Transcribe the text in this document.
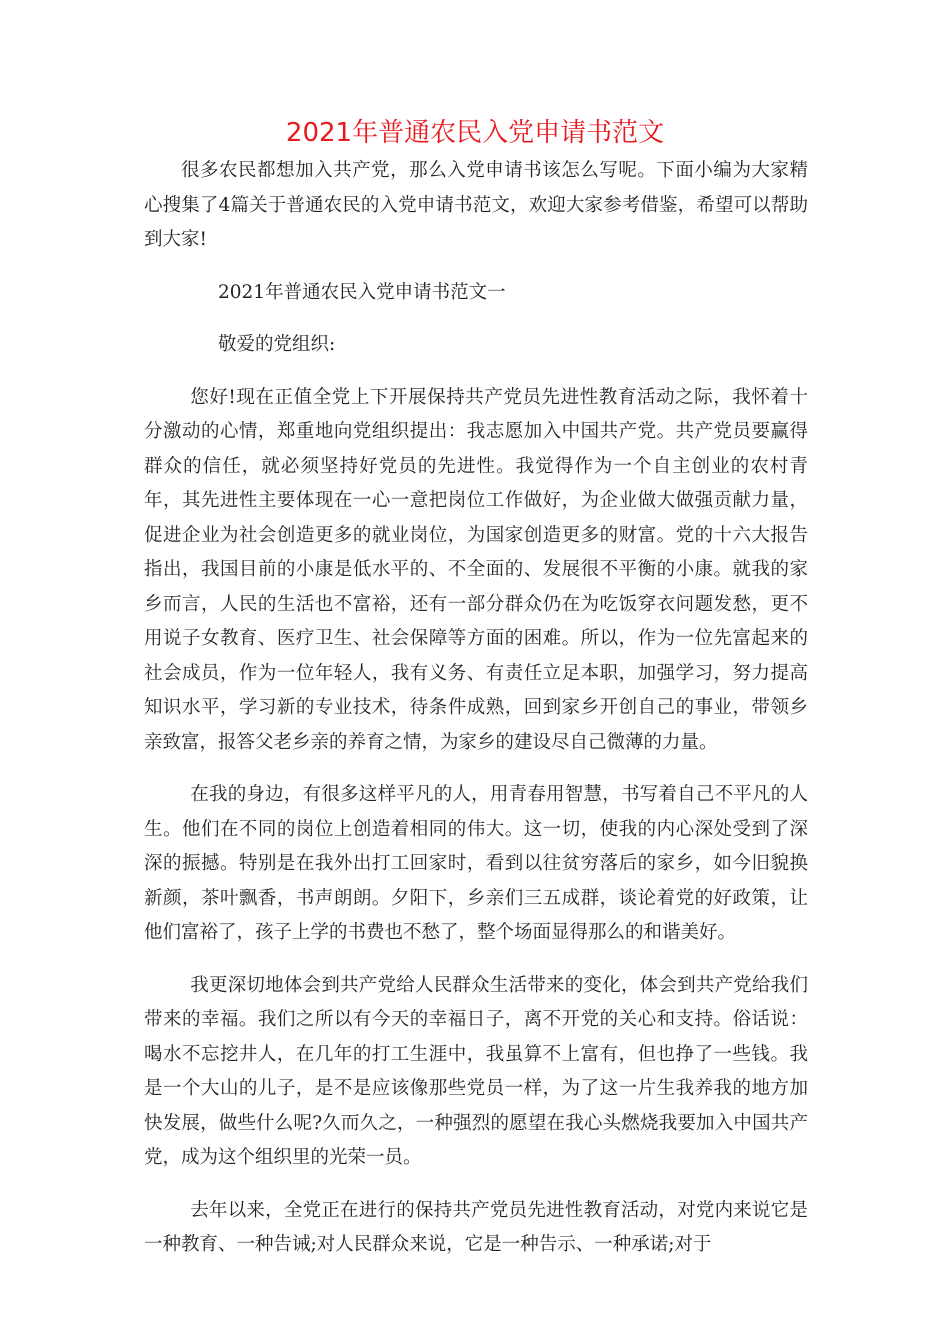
2021年普通农民入党申请书范文

很多农民都想加入共产党，那么入党申请书该怎么写呢。下面小编为大家精心搜集了4篇关于普通农民的入党申请书范文，欢迎大家参考借鉴，希望可以帮助到大家!

2021年普通农民入党申请书范文一

敬爱的党组织:

您好!现在正值全党上下开展保持共产党员先进性教育活动之际，我怀着十分激动的心情，郑重地向党组织提出：我志愿加入中国共产党。共产党员要赢得群众的信任，就必须坚持好党员的先进性。我觉得作为一个自主创业的农村青年，其先进性主要体现在一心一意把岗位工作做好，为企业做大做强贡献力量，促进企业为社会创造更多的就业岗位，为国家创造更多的财富。党的十六大报告指出，我国目前的小康是低水平的、不全面的、发展很不平衡的小康。就我的家乡而言，人民的生活也不富裕，还有一部分群众仍在为吃饭穿衣问题发愁，更不用说子女教育、医疗卫生、社会保障等方面的困难。所以，作为一位先富起来的社会成员，作为一位年轻人，我有义务、有责任立足本职，加强学习，努力提高知识水平，学习新的专业技术，待条件成熟，回到家乡开创自己的事业，带领乡亲致富，报答父老乡亲的养育之情，为家乡的建设尽自己微薄的力量。

在我的身边，有很多这样平凡的人，用青春用智慧，书写着自己不平凡的人生。他们在不同的岗位上创造着相同的伟大。这一切，使我的内心深处受到了深深的振撼。特别是在我外出打工回家时，看到以往贫穷落后的家乡，如今旧貌换新颜，茶叶飘香，书声朗朗。夕阳下，乡亲们三五成群，谈论着党的好政策，让他们富裕了，孩子上学的书费也不愁了，整个场面显得那么的和谐美好。

我更深切地体会到共产党给人民群众生活带来的变化，体会到共产党给我们带来的幸福。我们之所以有今天的幸福日子，离不开党的关心和支持。俗话说：喝水不忘挖井人，在几年的打工生涯中，我虽算不上富有，但也挣了一些钱。我是一个大山的儿子，是不是应该像那些党员一样，为了这一片生我养我的地方加快发展，做些什么呢?久而久之，一种强烈的愿望在我心头燃烧我要加入中国共产党，成为这个组织里的光荣一员。

去年以来，全党正在进行的保持共产党员先进性教育活动，对党内来说它是一种教育、一种告诫;对人民群众来说，它是一种告示、一种承诺;对于
